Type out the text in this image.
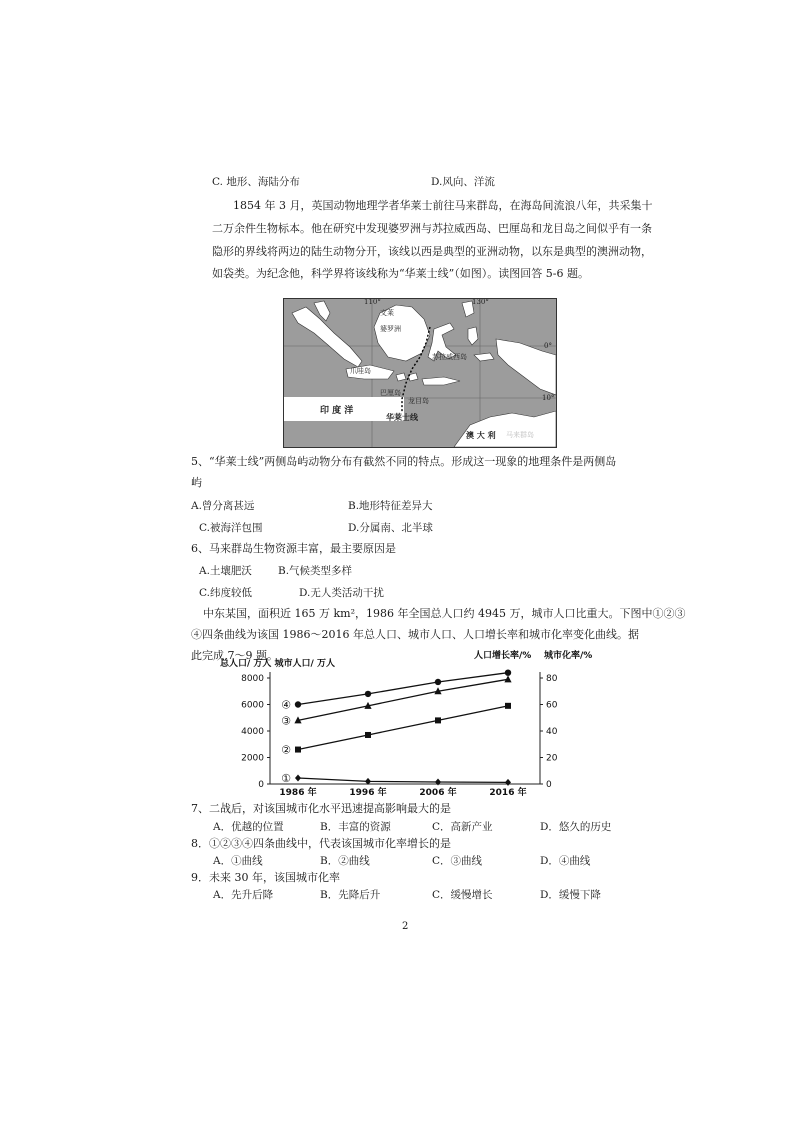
C. 地形、海陆分布	D.风向、洋流
1854 年 3 月，英国动物地理学者华莱士前往马来群岛，在海岛间流浪八年，共采集十
二万余件生物标本。他在研究中发现婆罗洲与苏拉威西岛、巴厘岛和龙目岛之间似乎有一条
隐形的界线将两边的陆生动物分开，该线以西是典型的亚洲动物，以东是典型的澳洲动物，
如袋类。为纪念他，科学界将该线称为“华莱士线”（如图）。读图回答 5-6 题。
110°	130°
0°
10°
文莱
婆罗洲
苏拉威西岛
爪哇岛
巴厘岛
龙目岛
印 度 洋
华莱士线
澳 大 利 马来群岛
5、“华莱士线”两侧岛屿动物分布有截然不同的特点。形成这一现象的地理条件是两侧岛
屿
A.曾分离甚远	B.地形特征差异大
C.被海洋包围	D.分属南、北半球
6、马来群岛生物资源丰富，最主要原因是
A.土壤肥沃 B.气候类型多样
C.纬度较低	D.无人类活动干扰
中东某国，面积近 165 万 km²，1986 年全国总人口约 4945 万，城市人口比重大。下图中①②③
④四条曲线为该国 1986～2016 年总人口、城市人口、人口增长率和城市化率变化曲线。据
此完成 7～9 题。
总人口/ 万人 城市人口/ 万人
人口增长率/% 城市化率/%
8000	80
6000	60
4000	40
2000	20
0	0
1986 年	1996 年	2006 年	2016 年
①
②
③
④
7、二战后，对该国城市化水平迅速提高影响最大的是
A．优越的位置	B．丰富的资源	C．高新产业	D．悠久的历史
8．①②③④四条曲线中，代表该国城市化率增长的是
A．①曲线	B．②曲线	C．③曲线	D．④曲线
9．未来 30 年，该国城市化率
A．先升后降	B．先降后升	C．缓慢增长	D．缓慢下降
2
